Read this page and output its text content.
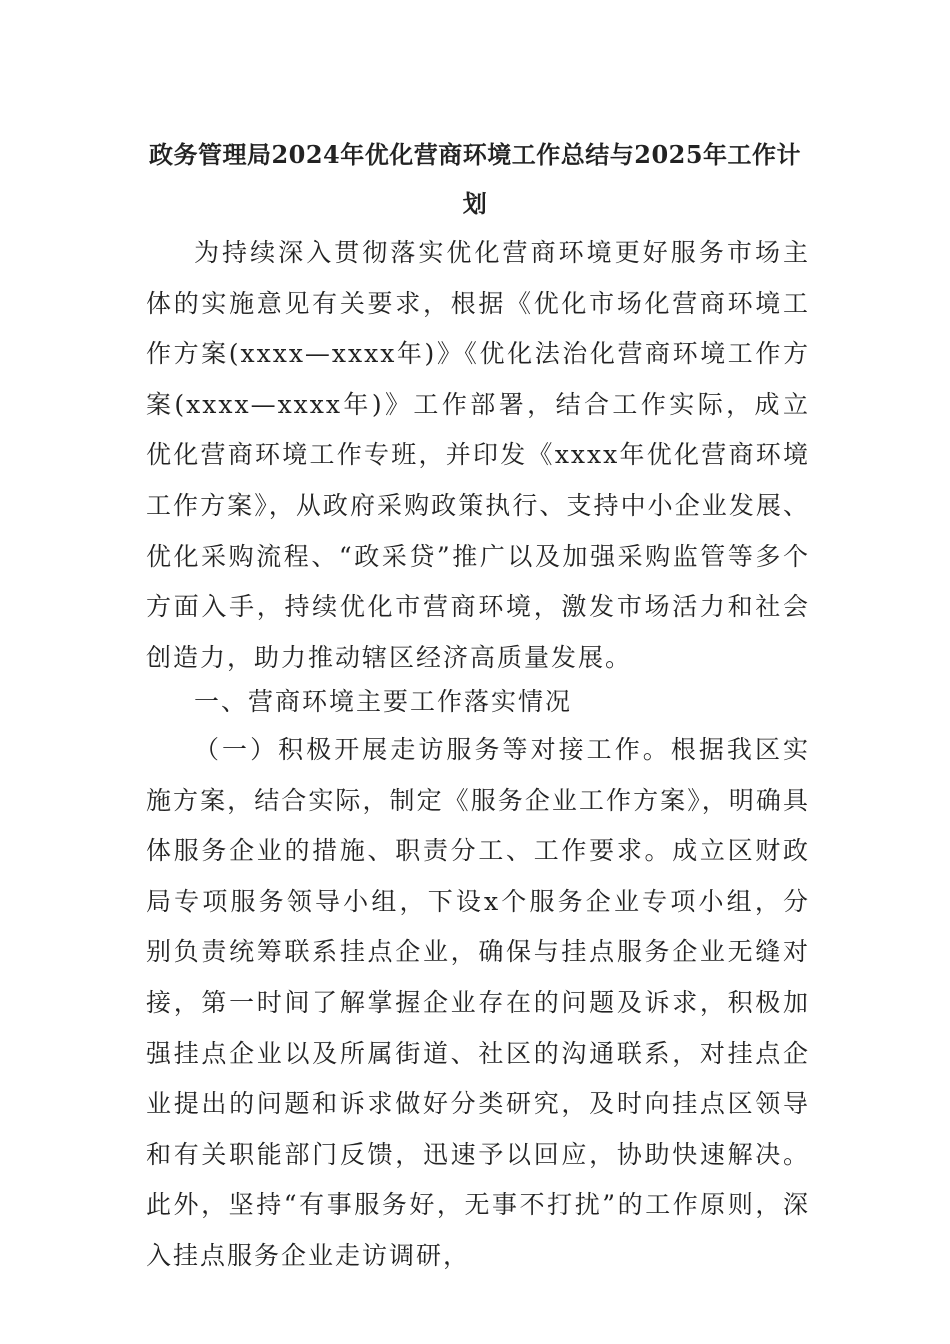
政务管理局2024年优化营商环境工作总结与2025年工作计划

为持续深入贯彻落实优化营商环境更好服务市场主体的实施意见有关要求，根据《优化市场化营商环境工作方案(xxxx—xxxx年)》《优化法治化营商环境工作方案(xxxx—xxxx年)》工作部署，结合工作实际，成立优化营商环境工作专班，并印发《xxxx年优化营商环境工作方案》，从政府采购政策执行、支持中小企业发展、优化采购流程、“政采贷”推广以及加强采购监管等多个方面入手，持续优化市营商环境，激发市场活力和社会创造力，助力推动辖区经济高质量发展。

一、营商环境主要工作落实情况

（一）积极开展走访服务等对接工作。根据我区实施方案，结合实际，制定《服务企业工作方案》，明确具体服务企业的措施、职责分工、工作要求。成立区财政局专项服务领导小组，下设x个服务企业专项小组，分别负责统筹联系挂点企业，确保与挂点服务企业无缝对接，第一时间了解掌握企业存在的问题及诉求，积极加强挂点企业以及所属街道、社区的沟通联系，对挂点企业提出的问题和诉求做好分类研究，及时向挂点区领导和有关职能部门反馈，迅速予以回应，协助快速解决。此外，坚持“有事服务好，无事不打扰”的工作原则，深入挂点服务企业走访调研，
